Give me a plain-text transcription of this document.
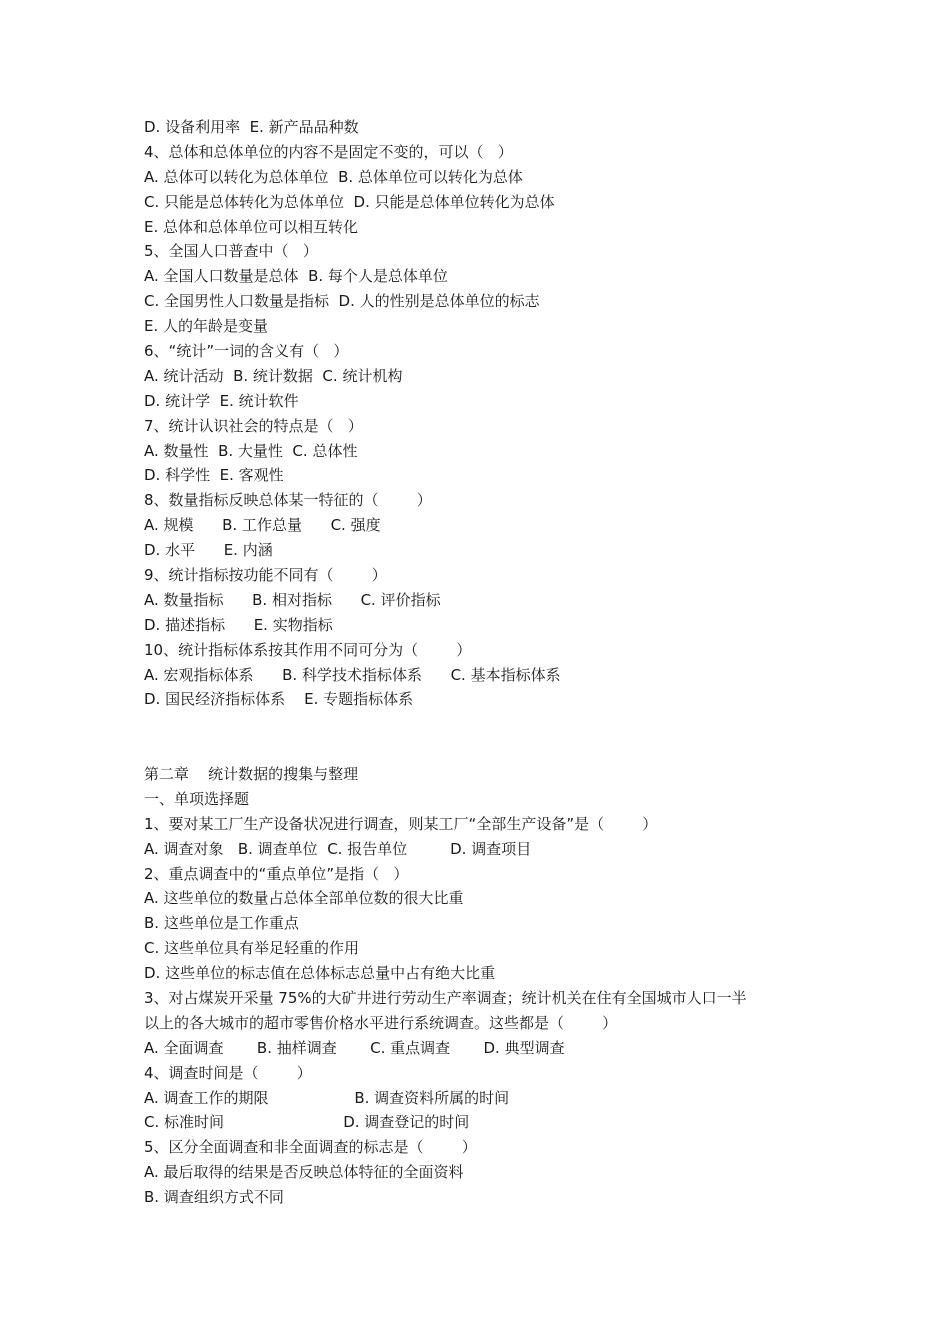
D. 设备利用率  E. 新产品品种数
4、总体和总体单位的内容不是固定不变的，可以（   ）
A. 总体可以转化为总体单位  B. 总体单位可以转化为总体
C. 只能是总体转化为总体单位  D. 只能是总体单位转化为总体
E. 总体和总体单位可以相互转化
5、全国人口普查中（   ）
A. 全国人口数量是总体  B. 每个人是总体单位
C. 全国男性人口数量是指标  D. 人的性别是总体单位的标志
E. 人的年龄是变量
6、“统计”一词的含义有（   ）
A. 统计活动  B. 统计数据  C. 统计机构
D. 统计学  E. 统计软件
7、统计认识社会的特点是（   ）
A. 数量性  B. 大量性  C. 总体性
D. 科学性  E. 客观性
8、数量指标反映总体某一特征的（        ）
A. 规模      B. 工作总量      C. 强度
D. 水平      E. 内涵
9、统计指标按功能不同有（        ）
A. 数量指标      B. 相对指标      C. 评价指标
D. 描述指标      E. 实物指标
10、统计指标体系按其作用不同可分为（        ）
A. 宏观指标体系      B. 科学技术指标体系      C. 基本指标体系
D. 国民经济指标体系    E. 专题指标体系
第二章    统计数据的搜集与整理
一、单项选择题
1、要对某工厂生产设备状况进行调查，则某工厂“全部生产设备”是（        ）
A. 调查对象   B. 调查单位  C. 报告单位         D. 调查项目
2、重点调查中的“重点单位”是指（   ）
A. 这些单位的数量占总体全部单位数的很大比重
B. 这些单位是工作重点
C. 这些单位具有举足轻重的作用
D. 这些单位的标志值在总体标志总量中占有绝大比重
3、对占煤炭开采量 75%的大矿井进行劳动生产率调查；统计机关在住有全国城市人口一半
以上的各大城市的超市零售价格水平进行系统调查。这些都是（        ）
A. 全面调查       B. 抽样调查       C. 重点调查       D. 典型调查
4、调查时间是（        ）
A. 调查工作的期限                  B. 调查资料所属的时间
C. 标准时间                         D. 调查登记的时间
5、区分全面调查和非全面调查的标志是（        ）
A. 最后取得的结果是否反映总体特征的全面资料
B. 调查组织方式不同
